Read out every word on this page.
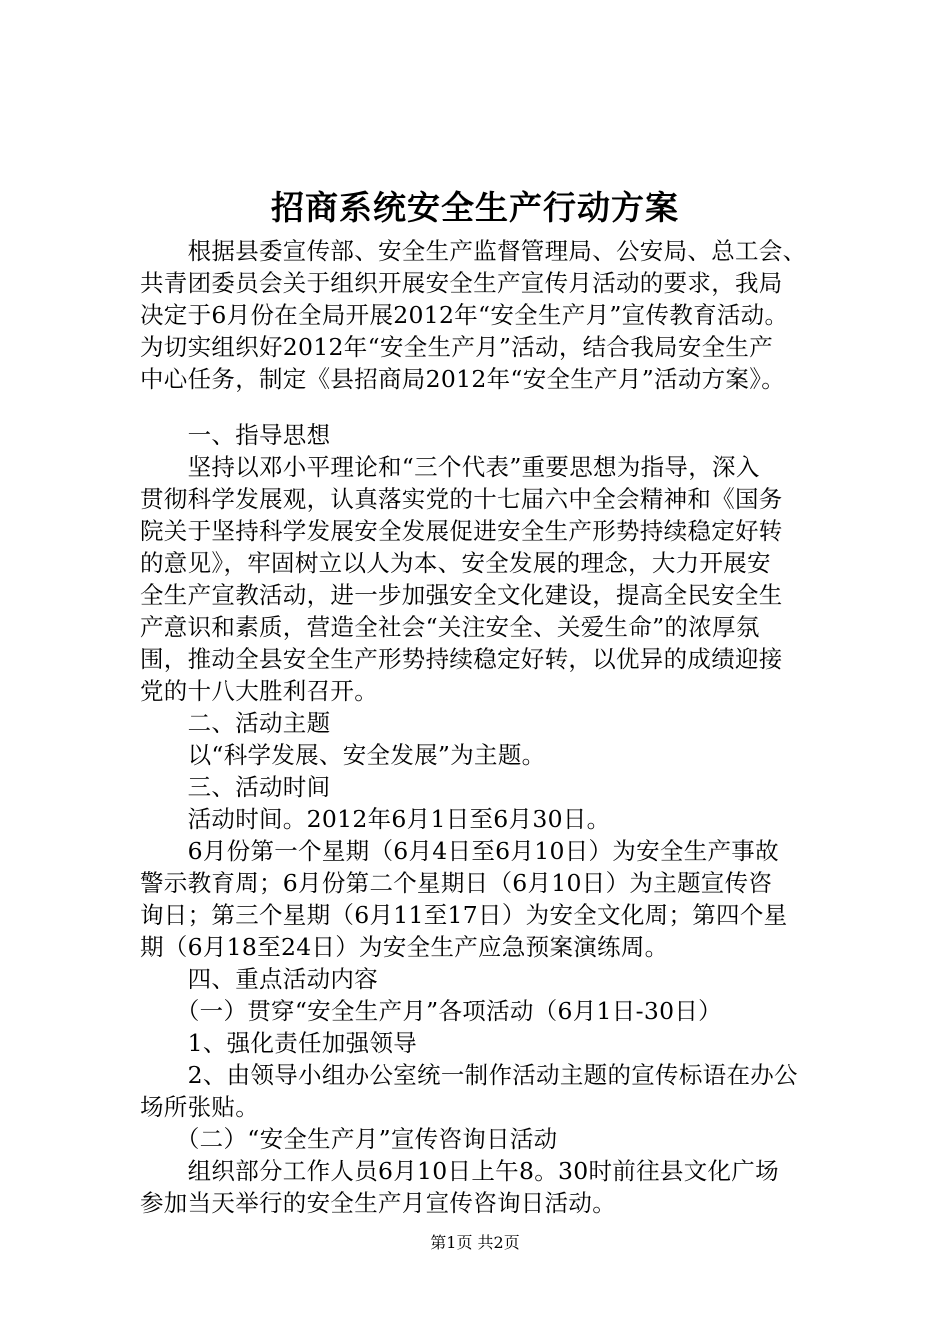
招商系统安全生产行动方案
　　根据县委宣传部、安全生产监督管理局、公安局、总工会、
共青团委员会关于组织开展安全生产宣传月活动的要求，我局
决定于6月份在全局开展2012年“安全生产月”宣传教育活动。
为切实组织好2012年“安全生产月”活动，结合我局安全生产
中心任务，制定《县招商局2012年“安全生产月”活动方案》。
　　一、指导思想
　　坚持以邓小平理论和“三个代表”重要思想为指导，深入
贯彻科学发展观，认真落实党的十七届六中全会精神和《国务
院关于坚持科学发展安全发展促进安全生产形势持续稳定好转
的意见》，牢固树立以人为本、安全发展的理念，大力开展安
全生产宣教活动，进一步加强安全文化建设，提高全民安全生
产意识和素质，营造全社会“关注安全、关爱生命”的浓厚氛
围，推动全县安全生产形势持续稳定好转，以优异的成绩迎接
党的十八大胜利召开。
　　二、活动主题
　　以“科学发展、安全发展”为主题。
　　三、活动时间
　　活动时间。2012年6月1日至6月30日。
　　6月份第一个星期（6月4日至6月10日）为安全生产事故
警示教育周；6月份第二个星期日（6月10日）为主题宣传咨
询日；第三个星期（6月11至17日）为安全文化周；第四个星
期（6月18至24日）为安全生产应急预案演练周。
　　四、重点活动内容
　　（一）贯穿“安全生产月”各项活动（6月1日-30日）
　　1、强化责任加强领导
　　2、由领导小组办公室统一制作活动主题的宣传标语在办公
场所张贴。
　　（二）“安全生产月”宣传咨询日活动
　　组织部分工作人员6月10日上午8。30时前往县文化广场
参加当天举行的安全生产月宣传咨询日活动。
第1页 共2页
